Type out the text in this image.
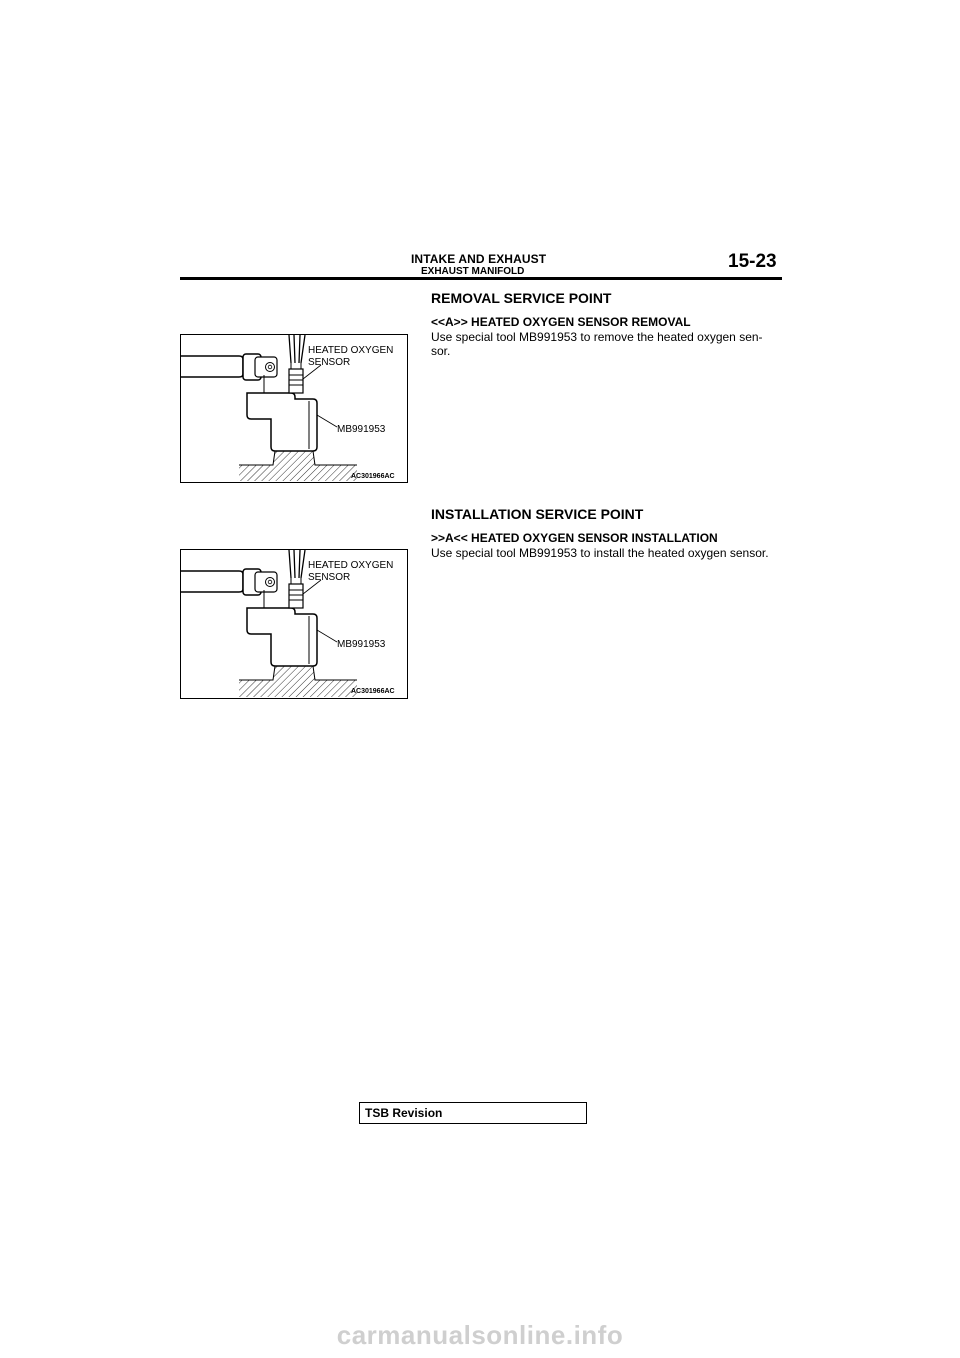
INTAKE AND EXHAUST
EXHAUST MANIFOLD	15-23
REMOVAL SERVICE POINT
<<A>> HEATED OXYGEN SENSOR REMOVAL
Use special tool MB991953 to remove the heated oxygen sen-
sor.
HEATED OXYGEN
SENSOR
MB991953
AC301966AC
INSTALLATION SERVICE POINT
>>A<< HEATED OXYGEN SENSOR INSTALLATION
Use special tool MB991953 to install the heated oxygen sensor.
HEATED OXYGEN
SENSOR
MB991953
AC301966AC
TSB Revision
carmanualsonline.info
